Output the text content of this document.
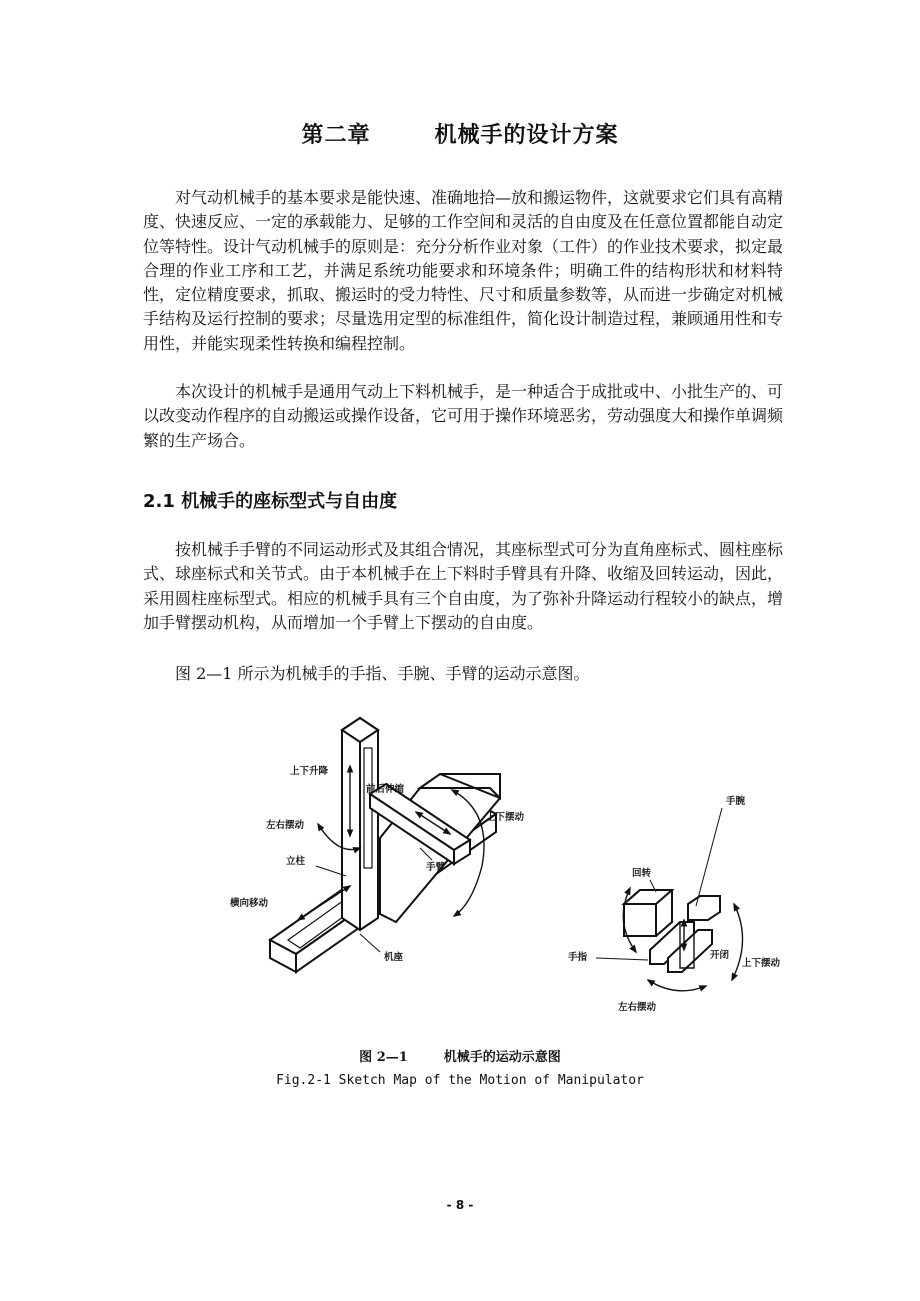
第二章	机械手的设计方案

对气动机械手的基本要求是能快速、准确地拾—放和搬运物件，这就要求它们具有高精度、快速反应、一定的承载能力、足够的工作空间和灵活的自由度及在任意位置都能自动定位等特性。设计气动机械手的原则是：充分分析作业对象（工件）的作业技术要求，拟定最合理的作业工序和工艺，并满足系统功能要求和环境条件；明确工件的结构形状和材料特性，定位精度要求，抓取、搬运时的受力特性、尺寸和质量参数等，从而进一步确定对机械手结构及运行控制的要求；尽量选用定型的标准组件，简化设计制造过程，兼顾通用性和专用性，并能实现柔性转换和编程控制。

本次设计的机械手是通用气动上下料机械手，是一种适合于成批或中、小批生产的、可以改变动作程序的自动搬运或操作设备，它可用于操作环境恶劣，劳动强度大和操作单调频繁的生产场合。

2.1 机械手的座标型式与自由度

按机械手手臂的不同运动形式及其组合情况，其座标型式可分为直角座标式、圆柱座标式、球座标式和关节式。由于本机械手在上下料时手臂具有升降、收缩及回转运动，因此，采用圆柱座标型式。相应的机械手具有三个自由度，为了弥补升降运动行程较小的缺点，增加手臂摆动机构，从而增加一个手臂上下摆动的自由度。

图 2—1 所示为机械手的手指、手腕、手臂的运动示意图。

上下升降
前后伸缩
上下摆动
左右摆动
立柱
手臂
横向移动
机座
手腕
回转
手指	开闭
上下摆动
左右摆动
图 2—1	机械手的运动示意图
Fig.2-1 Sketch Map of the Motion of Manipulator
- 8 -
